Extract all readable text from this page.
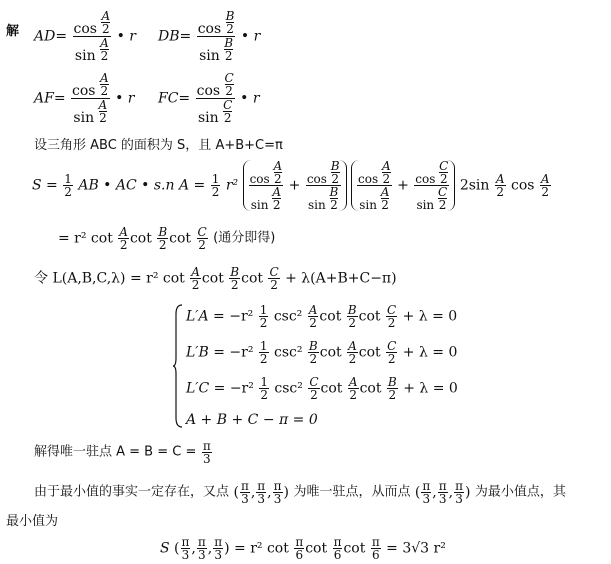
解 $AD= \frac{\cos \frac{A}{2}}{\sin \frac{A}{2}}$ • r $DB= \frac{\cos \frac{B}{2}}{\sin \frac{B}{2}}$ • r
$AF= \frac{\cos \frac{A}{2}}{\sin \frac{A}{2}}$ • r $FC= \frac{\cos \frac{C}{2}}{\sin \frac{C}{2}}$ • r
设三角形 ABC 的面积为 S，且 A+B+C=π
$S = \frac{1}{2}$ AB • AC • s.n $A = \frac{1}{2} r^2 \frac{\cos \frac{A}{2}}{\sin \frac{A}{2}} + \frac{\cos \frac{B}{2}}{\sin \frac{B}{2}}$
$\frac{\cos \frac{A}{2}}{\sin \frac{A}{2}} + \frac{\cos \frac{C}{2}}{\sin \frac{C}{2}} 2\sin \frac{A}{2}$ $\cos \frac{A}{2}$
= r² $\cot \frac{A}{2}$ $\cot \frac{B}{2}$ $\cot \frac{C}{2}$ (通分即得)
令 L(A,B,C,λ) = r² $\cot \frac{A}{2}$ $\cot \frac{B}{2}$ $\cot \frac{C}{2} + \lambda(A+B+C-\pi)$
$L'A = -r^2 \frac{1}{2} \csc^2 \frac{A}{2}$ $\cot \frac{B}{2}$ $\cot \frac{C}{2} + \lambda = 0$
$L'B = -r^2 \frac{1}{2} \csc^2 \frac{B}{2}$ $\cot \frac{A}{2}$ $\cot \frac{C}{2} + \lambda = 0$
$L'C = -r^2 \frac{1}{2} \csc^2 \frac{C}{2}$ $\cot \frac{A}{2}$ $\cot \frac{B}{2} + \lambda = 0$
A + B + C − π = 0
解得唯一驻点 $A = B = C = \frac{\pi}{3}$
由于最小值的事实一定存在，又点 ( $\frac{\pi}{3}$ , $\frac{\pi}{3}$ , $\frac{\pi}{3}$ ) 为唯一驻点，从而点 ( $\frac{\pi}{3}$ , $\frac{\pi}{3}$ , $\frac{\pi}{3}$ ) 为最小值点，其
最小值为
S ( $\frac{\pi}{3}$ , $\frac{\pi}{3}$ , $\frac{\pi}{3}$ ) = r² $\cot \frac{\pi}{6}$ $\cot \frac{\pi}{6}$ $\cot \frac{\pi}{6} = 3√3$ r²
